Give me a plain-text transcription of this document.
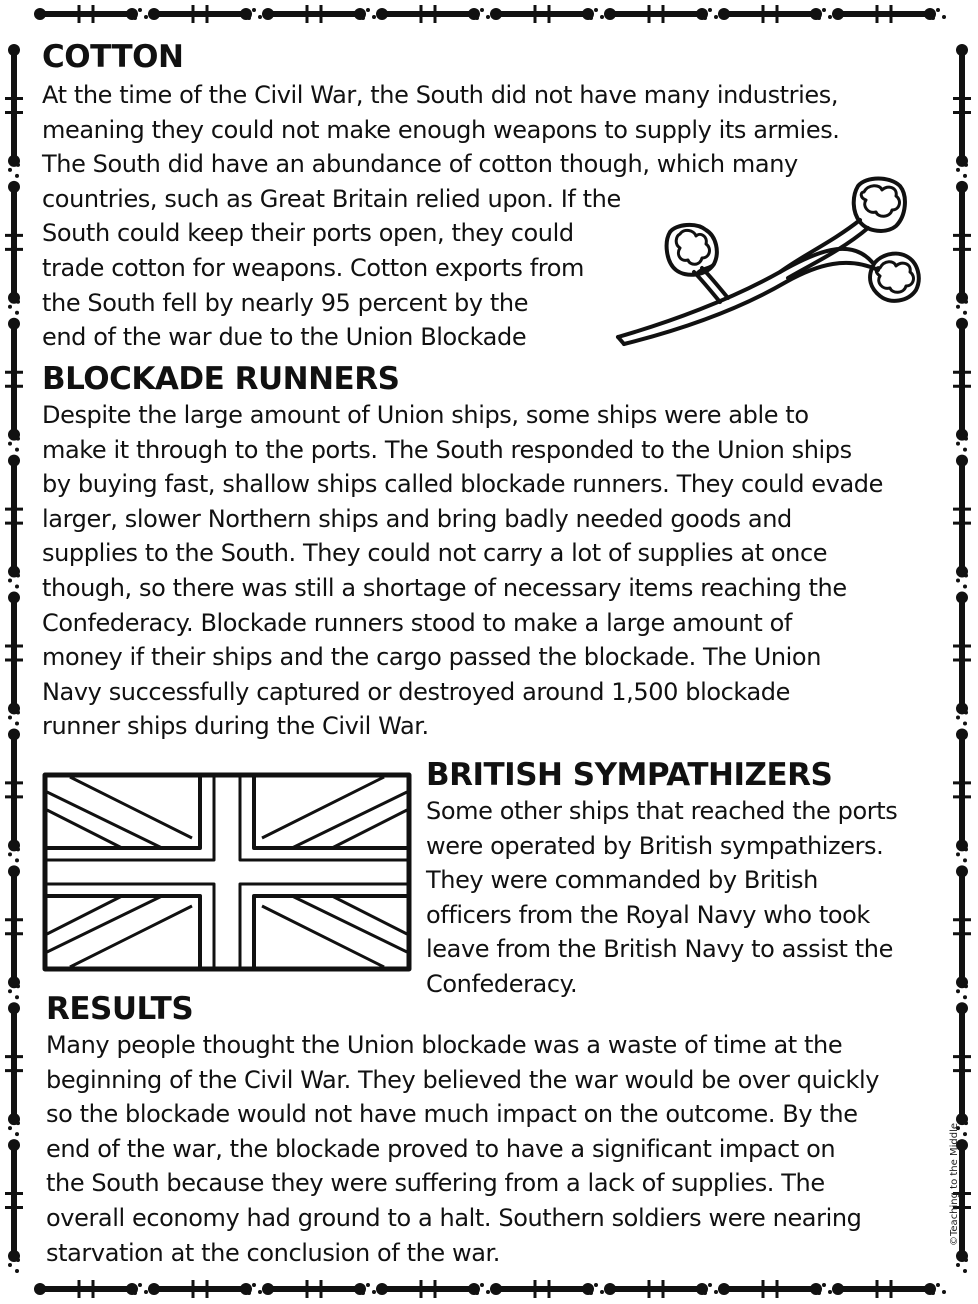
COTTON

At the time of the Civil War, the South did not have many industries,
meaning they could not make enough weapons to supply its armies.
The South did have an abundance of cotton though, which many
countries, such as Great Britain relied upon. If the
South could keep their ports open, they could
trade cotton for weapons. Cotton exports from
the South fell by nearly 95 percent by the
end of the war due to the Union Blockade

BLOCKADE RUNNERS

Despite the large amount of Union ships, some ships were able to
make it through to the ports. The South responded to the Union ships
by buying fast, shallow ships called blockade runners. They could evade
larger, slower Northern ships and bring badly needed goods and
supplies to the South. They could not carry a lot of supplies at once
though, so there was still a shortage of necessary items reaching the
Confederacy. Blockade runners stood to make a large amount of
money if their ships and the cargo passed the blockade. The Union
Navy successfully captured or destroyed around 1,500 blockade
runner ships during the Civil War.

BRITISH SYMPATHIZERS

Some other ships that reached the ports
were operated by British sympathizers.
They were commanded by British
officers from the Royal Navy who took
leave from the British Navy to assist the
Confederacy.

RESULTS

Many people thought the Union blockade was a waste of time at the
beginning of the Civil War. They believed the war would be over quickly
so the blockade would not have much impact on the outcome. By the
end of the war, the blockade proved to have a significant impact on
the South because they were suffering from a lack of supplies. The
overall economy had ground to a halt. Southern soldiers were nearing
starvation at the conclusion of the war.

©Teaching to the Middle
